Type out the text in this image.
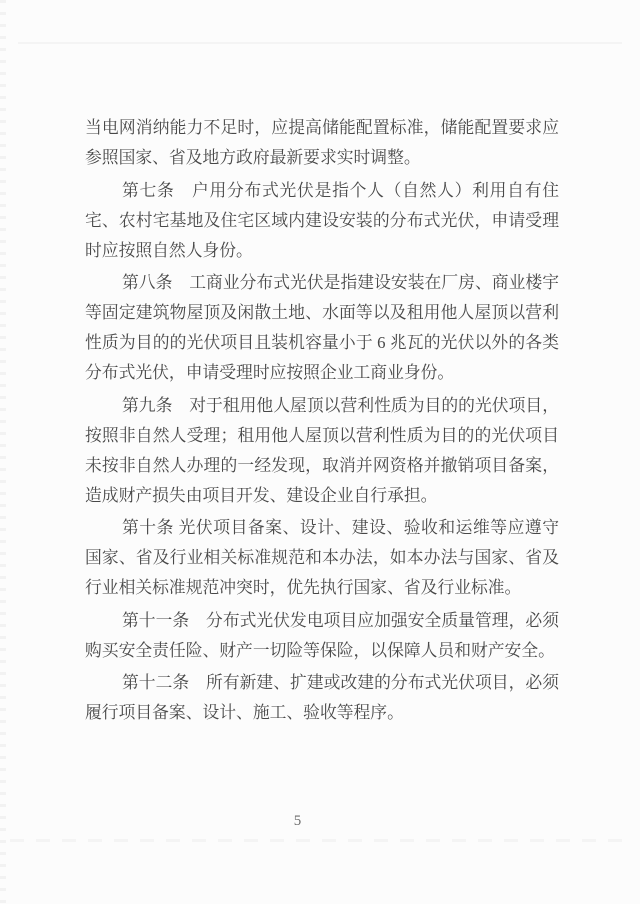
当电网消纳能力不足时，应提高储能配置标准，储能配置要求应
参照国家、省及地方政府最新要求实时调整。
第七条　户用分布式光伏是指个人（自然人）利用自有住
宅、农村宅基地及住宅区域内建设安装的分布式光伏，申请受理
时应按照自然人身份。
第八条　工商业分布式光伏是指建设安装在厂房、商业楼宇
等固定建筑物屋顶及闲散土地、水面等以及租用他人屋顶以营利
性质为目的的光伏项目且装机容量小于 6 兆瓦的光伏以外的各类
分布式光伏，申请受理时应按照企业工商业身份。
第九条　对于租用他人屋顶以营利性质为目的的光伏项目，
按照非自然人受理；租用他人屋顶以营利性质为目的的光伏项目
未按非自然人办理的一经发现，取消并网资格并撤销项目备案，
造成财产损失由项目开发、建设企业自行承担。
第十条 光伏项目备案、设计、建设、验收和运维等应遵守
国家、省及行业相关标准规范和本办法，如本办法与国家、省及
行业相关标准规范冲突时，优先执行国家、省及行业标准。
第十一条　分布式光伏发电项目应加强安全质量管理，必须
购买安全责任险、财产一切险等保险，以保障人员和财产安全。
第十二条　所有新建、扩建或改建的分布式光伏项目，必须
履行项目备案、设计、施工、验收等程序。
5
